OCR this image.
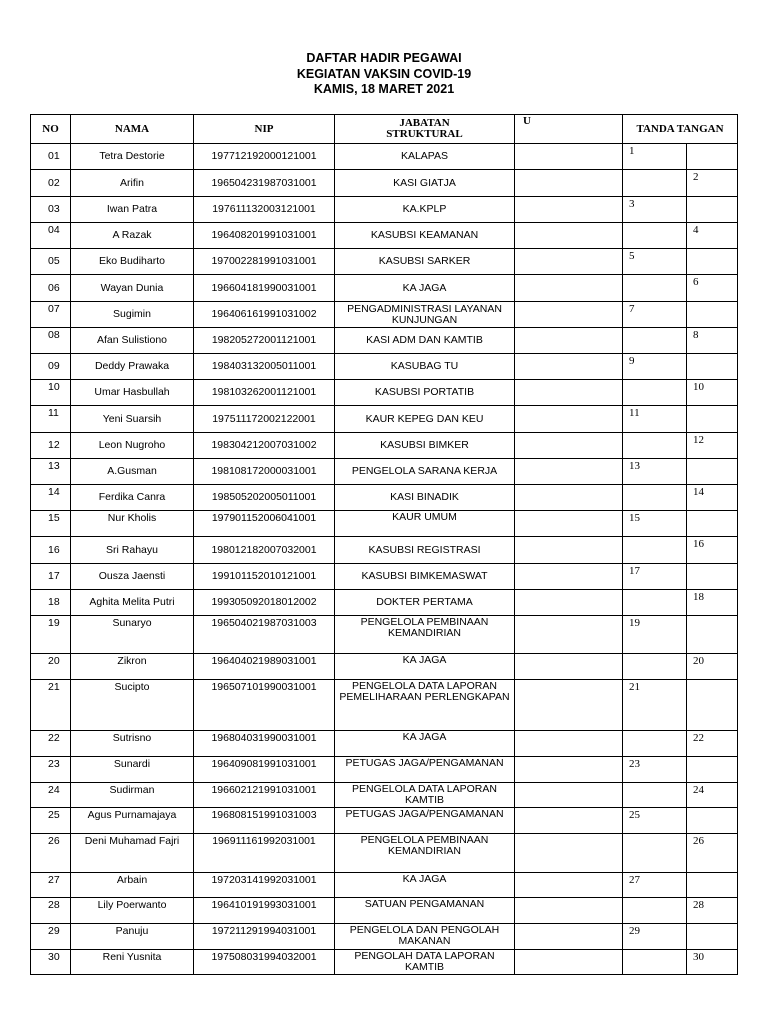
DAFTAR HADIR PEGAWAI
KEGIATAN VAKSIN COVID-19
KAMIS, 18 MARET 2021
NO	NAMA	NIP	JABATAN
STRUKTURAL	U	TANDA TANGAN	
01	Tetra Destorie	197712192000121001	KALAPAS		1	
02	Arifin	196504231987031001	KASI GIATJA			2
03	Iwan Patra	197611132003121001	KA.KPLP		3	
04	A Razak	196408201991031001	KASUBSI KEAMANAN			4
05	Eko Budiharto	197002281991031001	KASUBSI SARKER		5	
06	Wayan Dunia	196604181990031001	KA JAGA			6
07	Sugimin	196406161991031002	PENGADMINISTRASI LAYANAN KUNJUNGAN		7	
08	Afan Sulistiono	198205272001121001	KASI ADM DAN KAMTIB			8
09	Deddy Prawaka	198403132005011001	KASUBAG TU		9	
10	Umar Hasbullah	198103262001121001	KASUBSI PORTATIB			10
11	Yeni Suarsih	197511172002122001	KAUR KEPEG DAN KEU		11	
12	Leon Nugroho	198304212007031002	KASUBSI BIMKER			12
13	A.Gusman	198108172000031001	PENGELOLA SARANA KERJA		13	
14	Ferdika Canra	198505202005011001	KASI BINADIK			14
15	Nur Kholis	197901152006041001	KAUR UMUM		15	
16	Sri Rahayu	198012182007032001	KASUBSI REGISTRASI			16
17	Ousza Jaensti	199101152010121001	KASUBSI BIMKEMASWAT		17	
18	Aghita Melita Putri	199305092018012002	DOKTER PERTAMA			18
19	Sunaryo	196504021987031003	PENGELOLA PEMBINAAN KEMANDIRIAN		19	
20	Zikron	196404021989031001	KA JAGA			20
21	Sucipto	196507101990031001	PENGELOLA DATA LAPORAN PEMELIHARAAN PERLENGKAPAN		21	
22	Sutrisno	196804031990031001	KA JAGA			22
23	Sunardi	196409081991031001	PETUGAS JAGA/PENGAMANAN		23	
24	Sudirman	196602121991031001	PENGELOLA DATA LAPORAN KAMTIB			24
25	Agus Purnamajaya	196808151991031003	PETUGAS JAGA/PENGAMANAN		25	
26	Deni Muhamad Fajri	196911161992031001	PENGELOLA PEMBINAAN KEMANDIRIAN			26
27	Arbain	197203141992031001	KA JAGA		27	
28	Lily Poerwanto	196410191993031001	SATUAN PENGAMANAN			28
29	Panuju	197211291994031001	PENGELOLA DAN PENGOLAH MAKANAN		29	
30	Reni Yusnita	197508031994032001	PENGOLAH DATA LAPORAN KAMTIB			30
